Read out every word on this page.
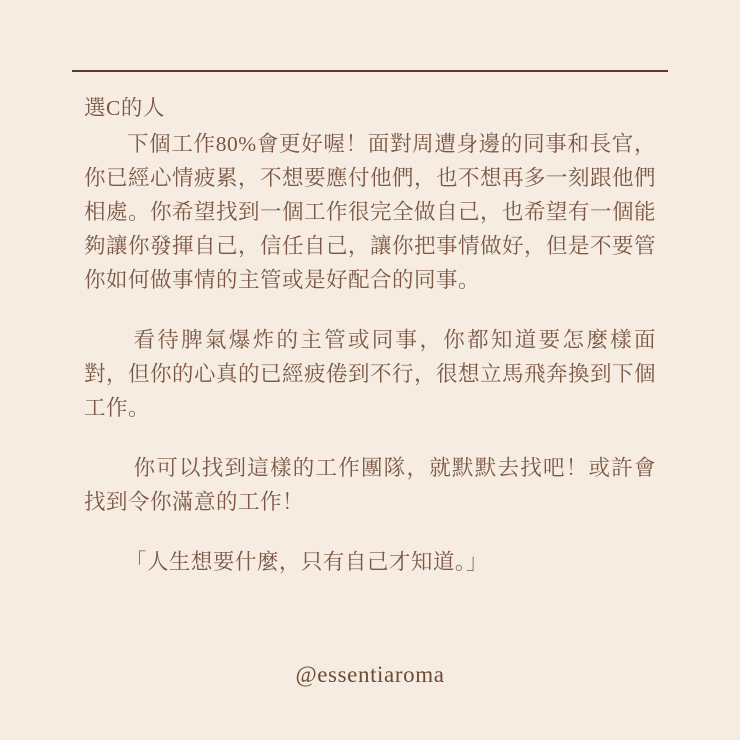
選C的人

下個工作80%會更好喔！面對周遭身邊的同事和長官，你已經心情疲累，不想要應付他們，也不想再多一刻跟他們相處。你希望找到一個工作很完全做自己，也希望有一個能夠讓你發揮自己，信任自己，讓你把事情做好，但是不要管你如何做事情的主管或是好配合的同事。

看待脾氣爆炸的主管或同事，你都知道要怎麼樣面對，但你的心真的已經疲倦到不行，很想立馬飛奔換到下個工作。

你可以找到這樣的工作團隊，就默默去找吧！或許會找到令你滿意的工作！

「人生想要什麼，只有自己才知道。」

@essentiaroma
